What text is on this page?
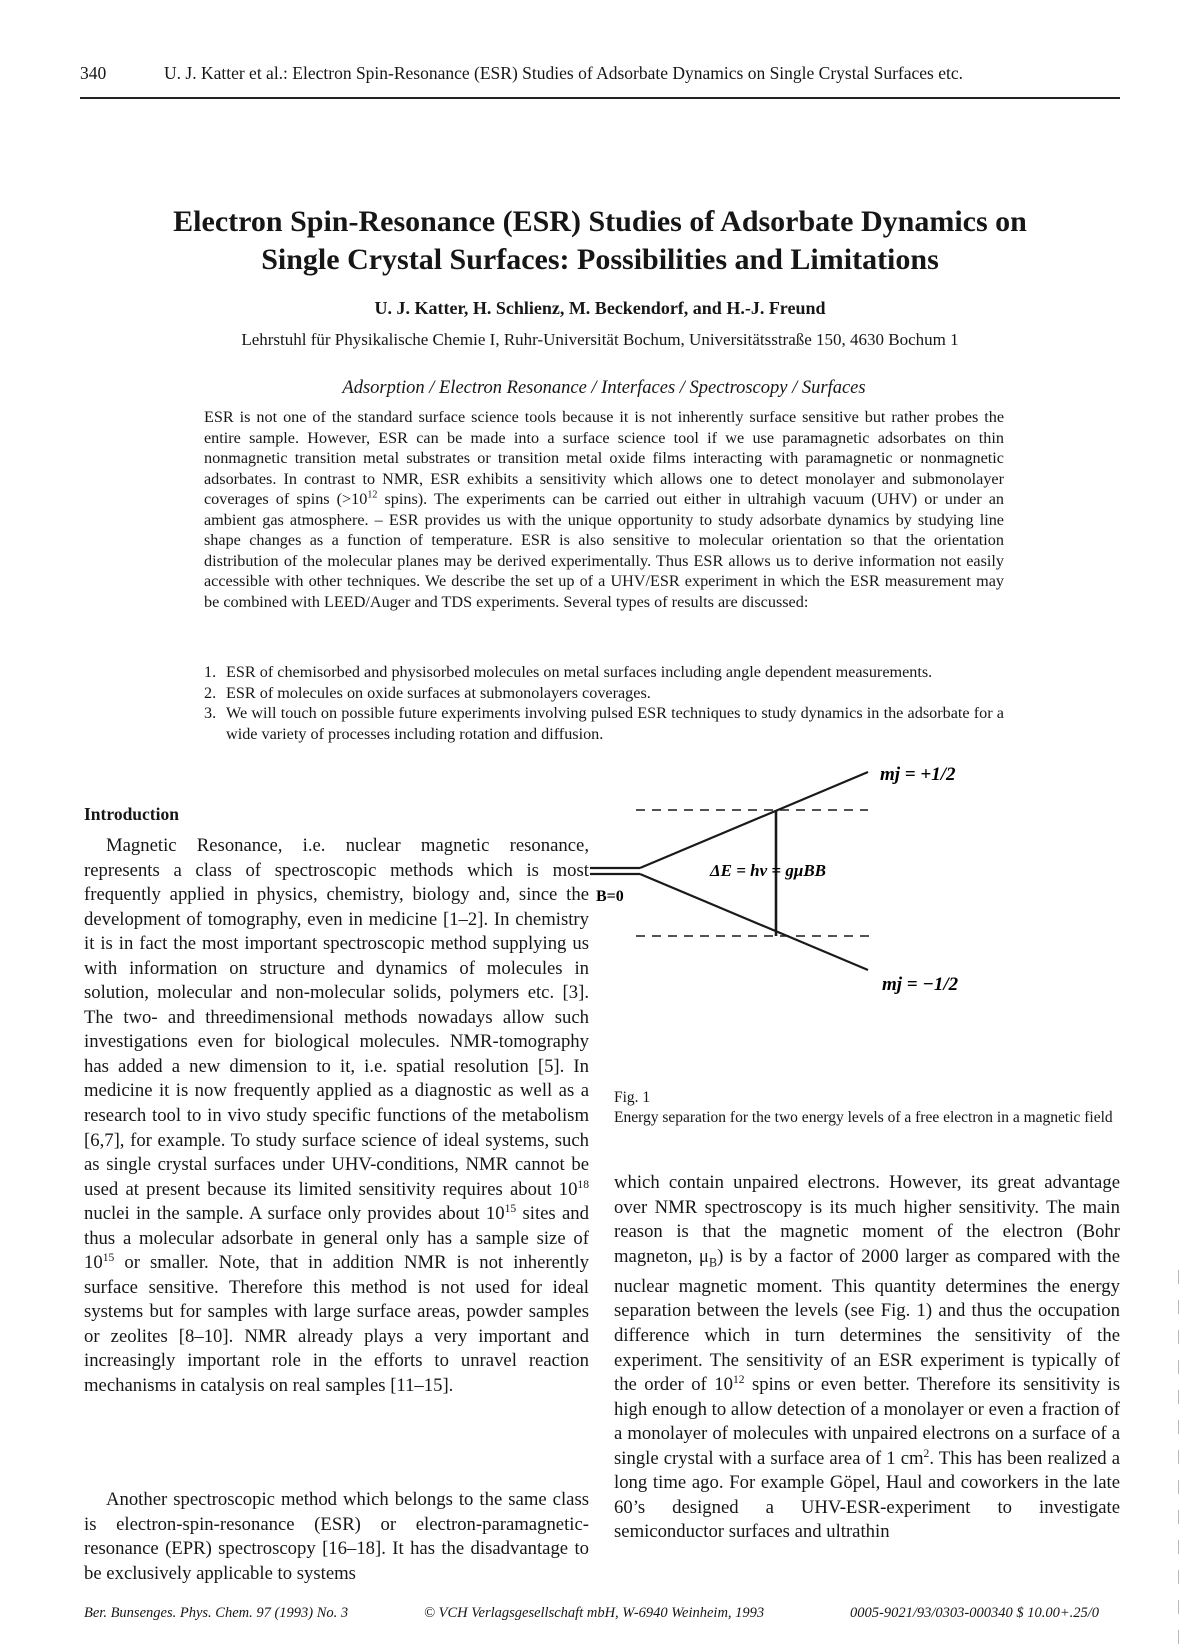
340	U. J. Katter et al.: Electron Spin-Resonance (ESR) Studies of Adsorbate Dynamics on Single Crystal Surfaces etc.
Electron Spin-Resonance (ESR) Studies of Adsorbate Dynamics on
Single Crystal Surfaces: Possibilities and Limitations
U. J. Katter, H. Schlienz, M. Beckendorf, and H.-J. Freund
Lehrstuhl für Physikalische Chemie I, Ruhr-Universität Bochum, Universitätsstraße 150, 4630 Bochum 1
Adsorption / Electron Resonance / Interfaces / Spectroscopy / Surfaces

ESR is not one of the standard surface science tools because it is not inherently surface sensitive but rather probes the entire sample. However, ESR can be made into a surface science tool if we use paramagnetic adsorbates on thin nonmagnetic transition metal substrates or transition metal oxide films interacting with paramagnetic or nonmagnetic adsorbates. In contrast to NMR, ESR exhibits a sensitivity which allows one to detect monolayer and submonolayer coverages of spins ($>10^{12}$ spins). The experiments can be carried out either in ultrahigh vacuum (UHV) or under an ambient gas atmosphere. – ESR provides us with the unique opportunity to study adsorbate dynamics by studying line shape changes as a function of temperature. ESR is also sensitive to molecular orientation so that the orientation distribution of the molecular planes may be derived experimentally. Thus ESR allows us to derive information not easily accessible with other techniques. We describe the set up of a UHV/ESR experiment in which the ESR measurement may be combined with LEED/Auger and TDS experiments. Several types of results are discussed:

1. ESR of chemisorbed and physisorbed molecules on metal surfaces including angle dependent measurements.
2. ESR of molecules on oxide surfaces at submonolayers coverages.
3. We will touch on possible future experiments involving pulsed ESR techniques to study dynamics in the adsorbate for a wide variety of processes including rotation and diffusion.
Introduction

Magnetic Resonance, i.e. nuclear magnetic resonance, represents a class of spectroscopic methods which is most frequently applied in physics, chemistry, biology and, since the development of tomography, even in medicine [1–2]. In chemistry it is in fact the most important spectroscopic method supplying us with information on structure and dynamics of molecules in solution, molecular and non-molecular solids, polymers etc. [3]. The two- and threedimensional methods nowadays allow such investigations even for biological molecules. NMR-tomography has added a new dimension to it, i.e. spatial resolution [5]. In medicine it is now frequently applied as a diagnostic as well as a research tool to in vivo study specific functions of the metabolism [6,7], for example. To study surface science of ideal systems, such as single crystal surfaces under UHV-conditions, NMR cannot be used at present because its limited sensitivity requires about $10^{18}$ nuclei in the sample. A surface only provides about $10^{15}$ sites and thus a molecular adsorbate in general only has a sample size of $10^{15}$ or smaller. Note, that in addition NMR is not inherently surface sensitive. Therefore this method is not used for ideal systems but for samples with large surface areas, powder samples or zeolites [8–10]. NMR already plays a very important and increasingly important role in the efforts to unravel reaction mechanisms in catalysis on real samples [11–15].

Another spectroscopic method which belongs to the same class is electron-spin-resonance (ESR) or electron-paramagnetic-resonance (EPR) spectroscopy [16–18]. It has the disadvantage to be exclusively applicable to systems

mj = +1/2
mj = −1/2
B=0
ΔE = hν = gμBB
Fig. 1

Energy separation for the two energy levels of a free electron in a magnetic field

which contain unpaired electrons. However, its great advantage over NMR spectroscopy is its much higher sensitivity. The main reason is that the magnetic moment of the electron (Bohr magneton, $\mu_B$) is by a factor of 2000 larger as compared with the nuclear magnetic moment. This quantity determines the energy separation between the levels (see Fig. 1) and thus the occupation difference which in turn determines the sensitivity of the experiment. The sensitivity of an ESR experiment is typically of the order of $10^{12}$ spins or even better. Therefore its sensitivity is high enough to allow detection of a monolayer or even a fraction of a monolayer of molecules with unpaired electrons on a surface of a single crystal with a surface area of 1 $cm^2$. This has been realized a long time ago. For example Göpel, Haul and coworkers in the late 60’s designed a UHV-ESR-experiment to investigate semiconductor surfaces and ultrathin

Ber. Bunsenges. Phys. Chem. 97 (1993) No. 3	© VCH Verlagsgesellschaft mbH, W-6940 Weinheim, 1993	0005-9021/93/0303-000340 $ 10.00+.25/0
